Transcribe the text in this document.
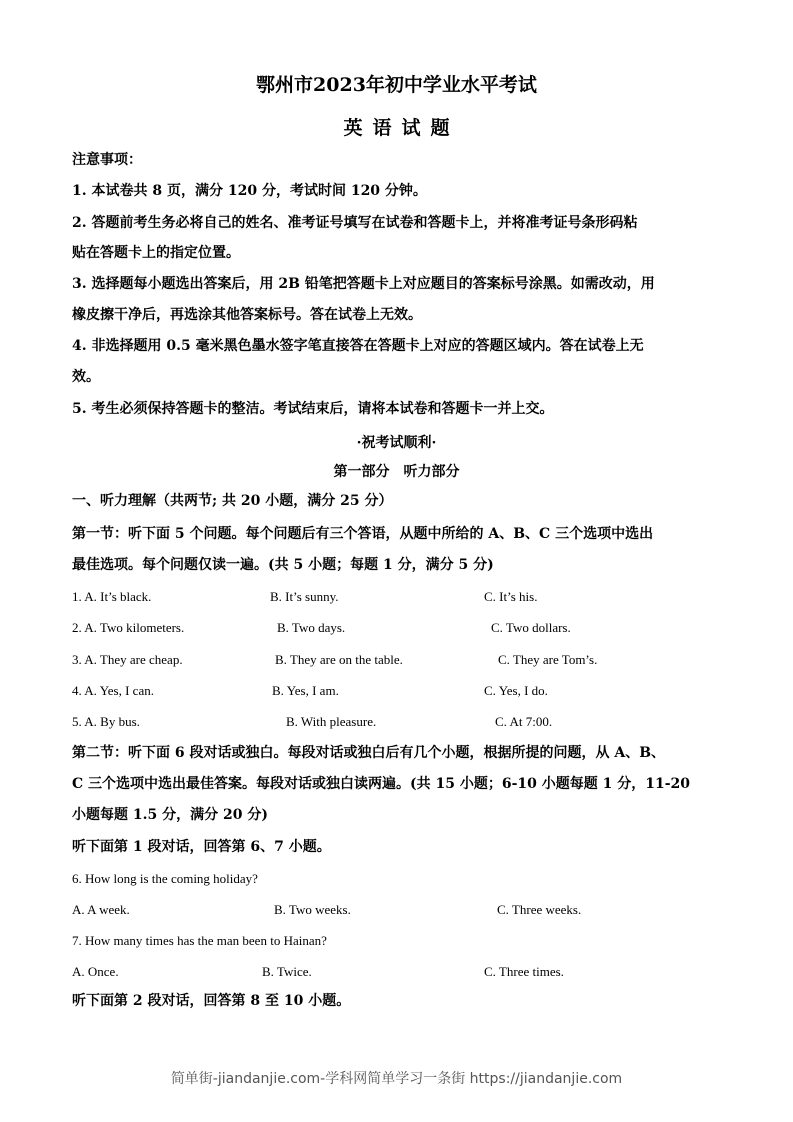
鄂州市2023年初中学业水平考试
英语试题
注意事项：
1. 本试卷共 8 页，满分 120 分，考试时间 120 分钟。
2. 答题前考生务必将自己的姓名、准考证号填写在试卷和答题卡上，并将准考证号条形码粘
贴在答题卡上的指定位置。
3. 选择题每小题选出答案后，用 2B 铅笔把答题卡上对应题目的答案标号涂黑。如需改动，用
橡皮擦干净后，再选涂其他答案标号。答在试卷上无效。
4. 非选择题用 0.5 毫米黑色墨水签字笔直接答在答题卡上对应的答题区域内。答在试卷上无
效。
5. 考生必须保持答题卡的整洁。考试结束后，请将本试卷和答题卡一并上交。
·祝考试顺利·
第一部分　听力部分
一、听力理解（共两节; 共 20 小题，满分 25 分）
第一节：听下面 5 个问题。每个问题后有三个答语，从题中所给的 A、B、C 三个选项中选出
最佳选项。每个问题仅读一遍。(共 5 小题；每题 1 分，满分 5 分)
1. A. It’s black.	B. It’s sunny.	C. It’s his.
2. A. Two kilometers.	B. Two days.	C. Two dollars.
3. A. They are cheap.	B. They are on the table.	C. They are Tom’s.
4. A. Yes, I can.	B. Yes, I am.	C. Yes, I do.
5. A. By bus.	B. With pleasure.	C. At 7:00.
第二节：听下面 6 段对话或独白。每段对话或独白后有几个小题，根据所提的问题，从 A、B、
C 三个选项中选出最佳答案。每段对话或独白读两遍。(共 15 小题；6-10 小题每题 1 分，11-20
小题每题 1.5 分，满分 20 分)
听下面第 1 段对话，回答第 6、7 小题。
6. How long is the coming holiday?
A. A week.	B. Two weeks.	C. Three weeks.
7. How many times has the man been to Hainan?
A. Once.	B. Twice.	C. Three times.
听下面第 2 段对话，回答第 8 至 10 小题。
简单街-jiandanjie.com-学科网简单学习一条街 https://jiandanjie.com
